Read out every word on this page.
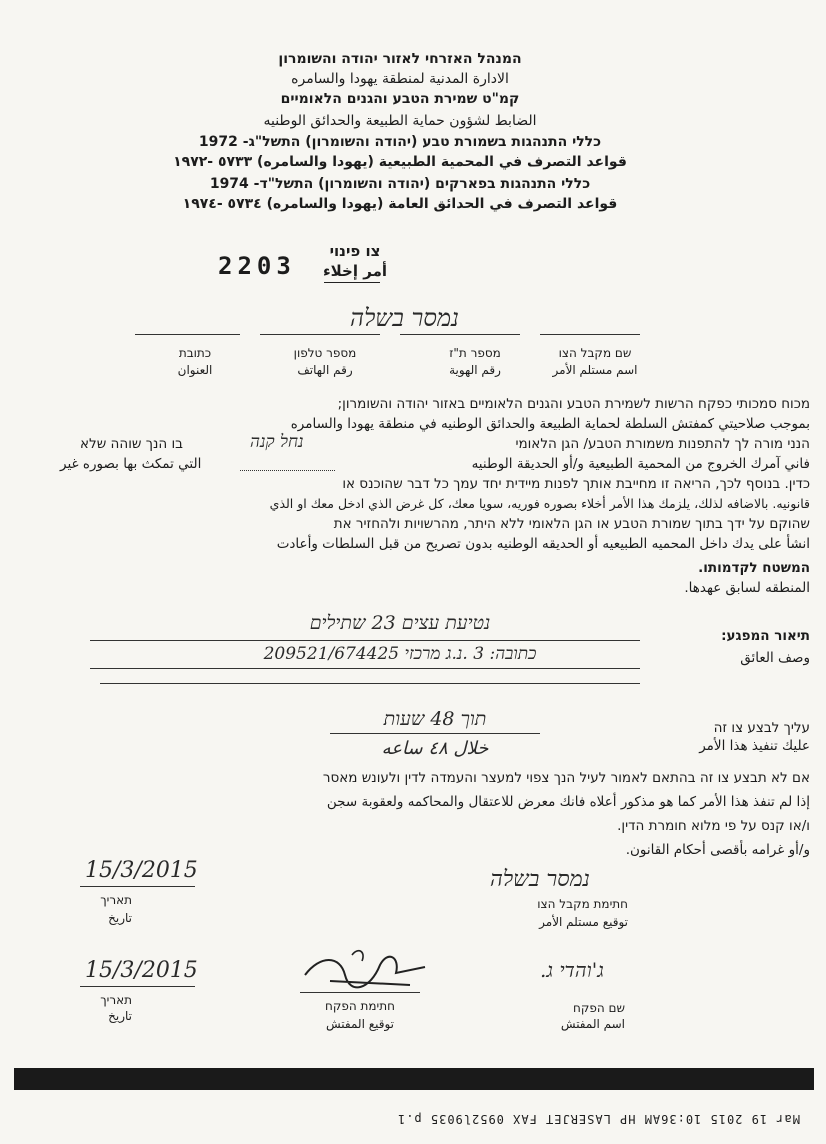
המנהל האזרחי לאזור יהודה והשומרון
الادارة المدنية لمنطقة يهودا والسامره
קמ"ט שמירת הטבע והגנים הלאומיים
الضابط لشؤون حماية الطبيعة والحدائق الوطنيه
כללי התנהגות בשמורת טבע (יהודה והשומרון) התשל"ג- 1972
قواعد التصرف في المحمية الطبيعية (يهودا والسامره) ٥٧٣٣ -١٩٧٢
כללי התנהגות בפארקים (יהודה והשומרון) התשל"ד- 1974
قواعد التصرف في الحدائق العامة (يهودا والسامره) ٥٧٣٤ -١٩٧٤
צו פינוי
أمر إخلاء
2203
נמסר בשלה
שם מקבל הצו
اسم مستلم الأمر
מספר ת"ז
رقم الهوية
מספר טלפון
رقم الهاتف
כתובת
العنوان
מכוח סמכותי כפקח הרשות לשמירת הטבע והגנים הלאומיים באזור יהודה והשומרון;
بموجب صلاحيتي كمفتش السلطة لحماية الطبيعة والحدائق الوطنيه في منطقة يهودا والسامره
הנני מורה לך להתפנות משמורת הטבע/ הגן הלאומי
נחל קנה
בו הנך שוהה שלא
فاني آمرك الخروج من المحمية الطبيعية و/أو الحديقة الوطنيه
التي تمكث بها بصوره غير
כדין. בנוסף לכך, הריאה זו מחייבת אותך לפנות מיידית יחד עמך כל דבר שהוכנס או
قانونيه. بالاضافه لذلك، يلزمك هذا الأمر أخلاء بصوره فوريه، سويا معك، كل غرض الذي ادخل معك او الذي
שהוקם על ידך בתוך שמורת הטבע או הגן הלאומי ללא היתר, מהרשויות ולהחזיר את
انشأ على يدك داخل المحميه الطبيعيه أو الحديقه الوطنيه بدون تصريح من قبل السلطات وأعادت
המשטח לקדמותו.
المنطقه لسابق عهدها.
תיאור המפגע:
وصف العائق
נטיעת עצים 23 שתילים
כתובה: 3 .נ.ג מרכזי 209521/674425
עליך לבצע צו זה
عليك تنفيذ هذا الأمر
תוך 48 שעות
خلال ٤٨ ساعه
אם לא תבצע צו זה בהתאם לאמור לעיל הנך צפוי למעצר והעמדה לדין ולעונש מאסר
إذا لم تنفذ هذا الأمر كما هو مذكور أعلاه فانك معرض للاعتقال والمحاكمه ولعقوبة سجن
ו/או קנס על פי מלוא חומרת הדין.
و/أو غرامه بأقصى أحكام القانون.
15/3/2015
תאריך
تاريخ
נמסר בשלה
חתימת מקבל הצו
توقيع مستلم الأمر
15/3/2015
תאריך
تاريخ
חתימת הפקח
توقيع المفتش
ג'והדי ג.
שם הפקח
اسم المفتش
Mar 19 2015 10:36AM HP LASERJET FAX 0952l9035 p.1
